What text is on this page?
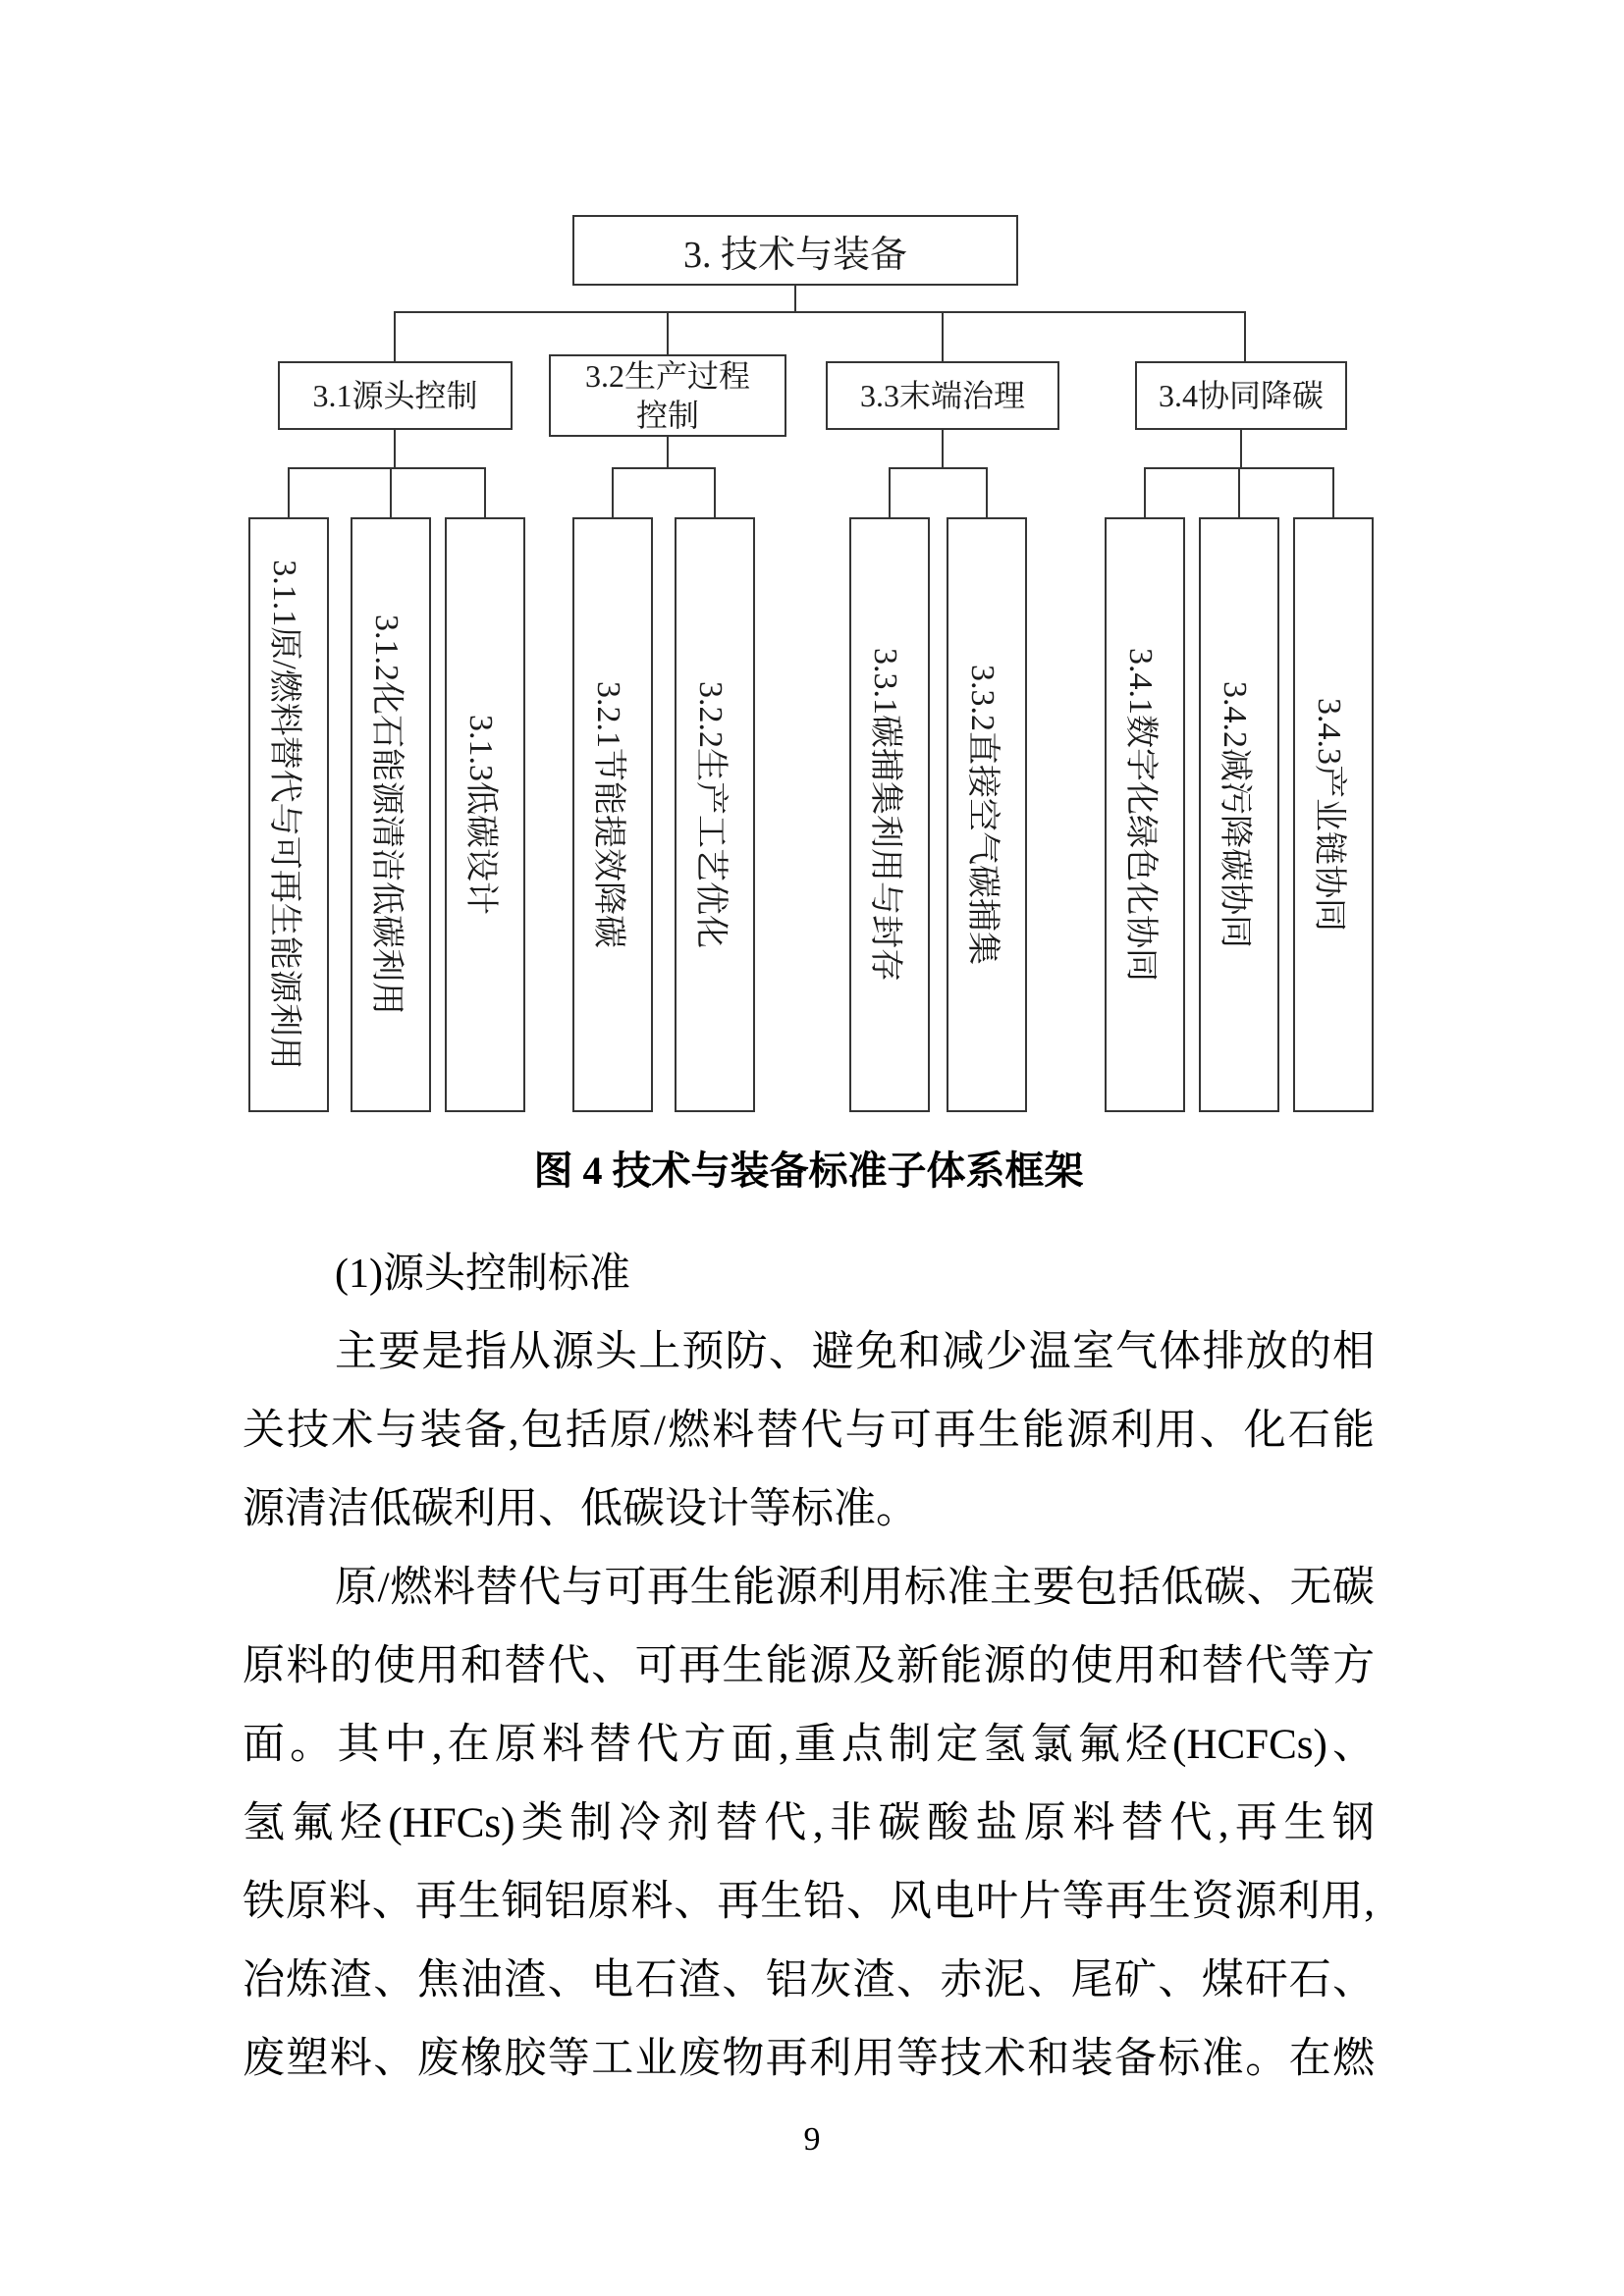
3. 技术与装备
3.1源头控制
3.2生产过程
控制
3.3末端治理	3.4协同降碳
3.1.1原/燃料替代与可再生能源利用	3.1.2化石能源清洁低碳利用	3.1.3低碳设计	3.2.1节能提效降碳	3.2.2生产工艺优化	3.3.1碳捕集利用与封存	3.3.2直接空气碳捕集	3.4.1数字化绿色化协同	3.4.2减污降碳协同	3.4.3产业链协同
图 4 技术与装备标准子体系框架
(1)源头控制标准
主要是指从源头上预防、避免和减少温室气体排放的相
关技术与装备,包括原/燃料替代与可再生能源利用、化石能
源清洁低碳利用、低碳设计等标准。
原/燃料替代与可再生能源利用标准主要包括低碳、无碳
原料的使用和替代、可再生能源及新能源的使用和替代等方
面。其中,在原料替代方面,重点制定氢氯氟烃(HCFCs)、
氢氟烃(HFCs)类制冷剂替代,非碳酸盐原料替代,再生钢
铁原料、再生铜铝原料、再生铅、风电叶片等再生资源利用,
冶炼渣、焦油渣、电石渣、铝灰渣、赤泥、尾矿、煤矸石、
废塑料、废橡胶等工业废物再利用等技术和装备标准。在燃
9
